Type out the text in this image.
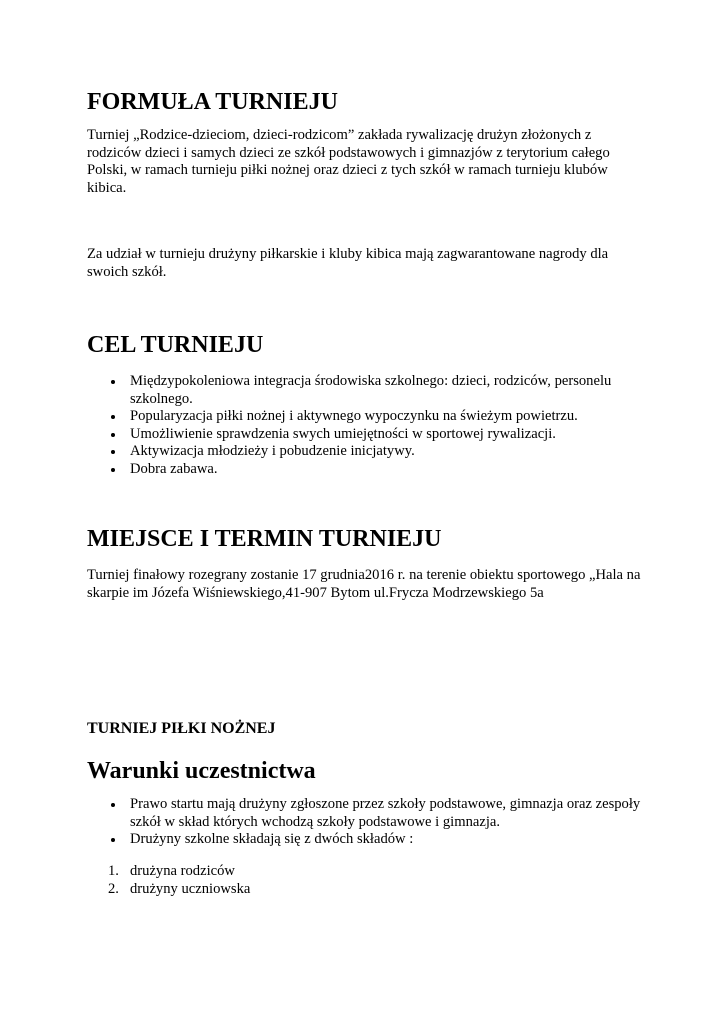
FORMUŁA TURNIEJU

Turniej „Rodzice-dzieciom, dzieci-rodzicom” zakłada rywalizację drużyn złożonych z rodziców dzieci i samych dzieci ze szkół podstawowych i gimnazjów z terytorium całego Polski, w ramach turnieju piłki nożnej oraz dzieci z tych szkół w ramach turnieju klubów kibica.

Za udział w turnieju drużyny piłkarskie i kluby kibica mają zagwarantowane nagrody dla swoich szkół.

CEL TURNIEJU
Międzypokoleniowa integracja środowiska szkolnego: dzieci, rodziców, personelu szkolnego.
Popularyzacja piłki nożnej i aktywnego wypoczynku na świeżym powietrzu.
Umożliwienie sprawdzenia swych umiejętności w sportowej rywalizacji.
Aktywizacja młodzieży i pobudzenie inicjatywy.
Dobra zabawa.
MIEJSCE I TERMIN TURNIEJU

Turniej finałowy rozegrany zostanie 17 grudnia2016 r. na terenie obiektu sportowego „Hala na skarpie im Józefa Wiśniewskiego,41-907 Bytom ul.Frycza Modrzewskiego 5a

TURNIEJ PIŁKI NOŻNEJ
Warunki uczestnictwa
Prawo startu mają drużyny zgłoszone przez szkoły podstawowe, gimnazja oraz zespoły szkół w skład których wchodzą szkoły podstawowe i gimnazja.
Drużyny szkolne składają się z dwóch składów :
1. drużyna rodziców
2. drużyny uczniowska
